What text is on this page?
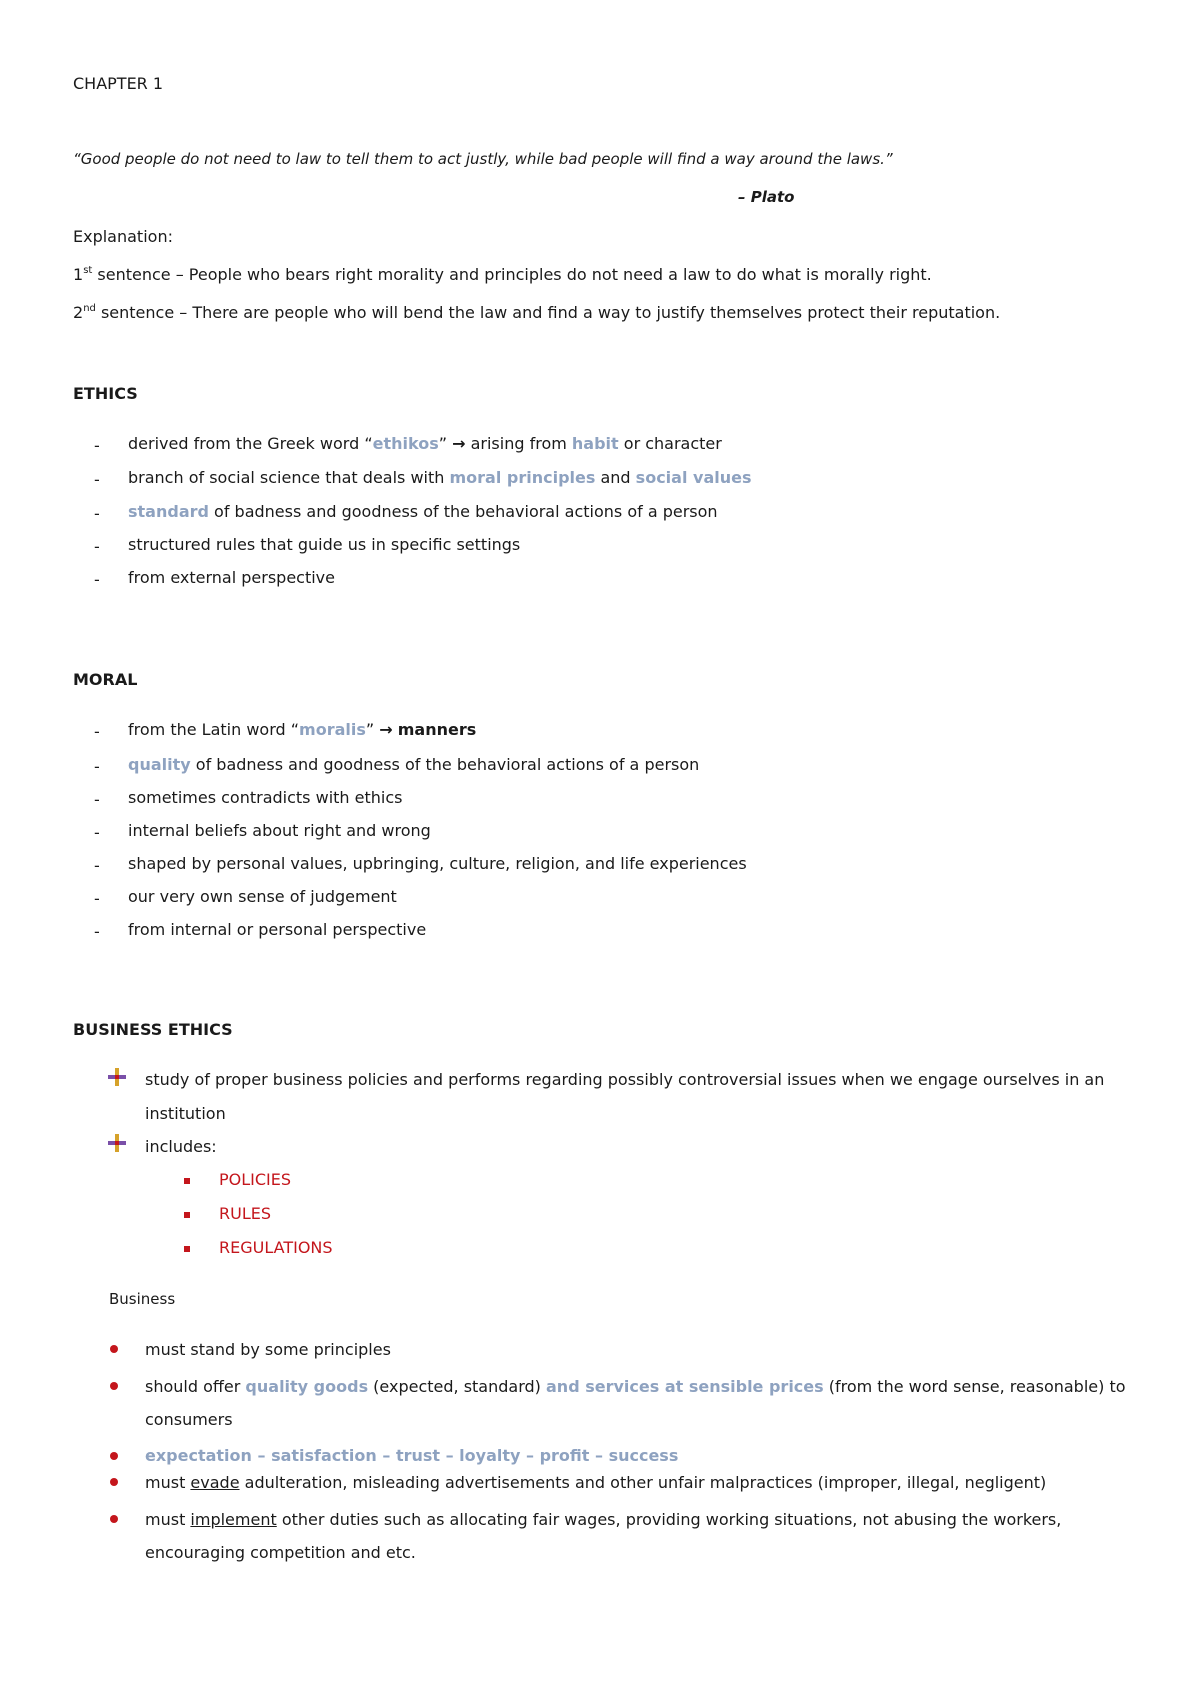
CHAPTER 1
“Good people do not need to law to tell them to act justly, while bad people will find a way around the laws.”
– Plato
Explanation:
1st sentence – People who bears right morality and principles do not need a law to do what is morally right.
2nd sentence – There are people who will bend the law and find a way to justify themselves protect their reputation.
ETHICS
- derived from the Greek word “ethikos” → arising from habit or character
- branch of social science that deals with moral principles and social values
- standard of badness and goodness of the behavioral actions of a person
- structured rules that guide us in specific settings
- from external perspective
MORAL
- from the Latin word “moralis” → manners
- quality of badness and goodness of the behavioral actions of a person
- sometimes contradicts with ethics
- internal beliefs about right and wrong
- shaped by personal values, upbringing, culture, religion, and life experiences
- our very own sense of judgement
- from internal or personal perspective
BUSINESS ETHICS
study of proper business policies and performs regarding possibly controversial issues when we engage ourselves in an
institution
includes:
POLICIES
RULES
REGULATIONS
Business
must stand by some principles
should offer quality goods (expected, standard) and services at sensible prices (from the word sense, reasonable) to
consumers
expectation – satisfaction – trust – loyalty – profit – success
must evade adulteration, misleading advertisements and other unfair malpractices (improper, illegal, negligent)
must implement other duties such as allocating fair wages, providing working situations, not abusing the workers,
encouraging competition and etc.
